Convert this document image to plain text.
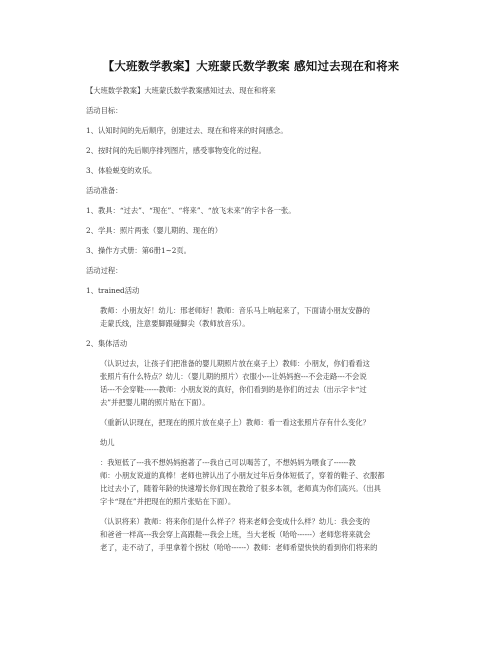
【大班数学教案】大班蒙氏数学教案 感知过去现在和将来

【大班数学教案】大班蒙氏数学教案感知过去、现在和将来

活动目标：

1、认知时间的先后顺序，创建过去、现在和将来的时间感念。

2、按时间的先后顺序排列图片，感受事物变化的过程。

3、体验蜕变的欢乐。

活动准备：

1、教具：“过去”、“现在”、“将来”、“放飞未来”的字卡各一张。

2、学具：照片两张（婴儿期的、现在的）

3、操作方式册：第6册1~2页。

活动过程：

1、trained活动

教师：小朋友好！幼儿：邢老师好！教师：音乐马上响起来了，下面请小朋友安静的
走蒙氏线，注意要脚跟碰脚尖（教师放音乐）。

2、集体活动

（认识过去，让孩子们把准备的婴儿期照片放在桌子上）教师：小朋友，你们看看这
张照片有什么特点？幼儿：（婴儿期的照片）衣服小---让妈妈抱---不会走路---不会说
话---不会穿鞋------教师：小朋友说的真好，你们看到的是你们的过去（出示字卡“过
去”并把婴儿期的照片贴在下面）。

（重新认识现在，把现在的照片放在桌子上）教师：看一看这张照片存有什么变化？

幼儿

：我短低了---我不想妈妈抱著了---我自己可以喝苦了，不想妈妈为喂食了------教
师：小朋友说道的真棒！老师也辨认出了小朋友过年后身体短低了，穿着的鞋子、衣服都
比过去小了，随着年龄的快速增长你们现在教给了很多本领，老师真为你们高兴。（出具
字卡“现在”并把现在的照片张贴在下面）。

（认识将来）教师：将来你们是什么样子？将来老师会变成什么样？幼儿：我会变的
和爸爸一样高---我会穿上高跟鞋---我会上班，当大老板（哈哈------）老师您将来就会
老了，走不动了，手里拿着个拐杖（哈哈------）教师：老师希望快快的看到你们将来的
